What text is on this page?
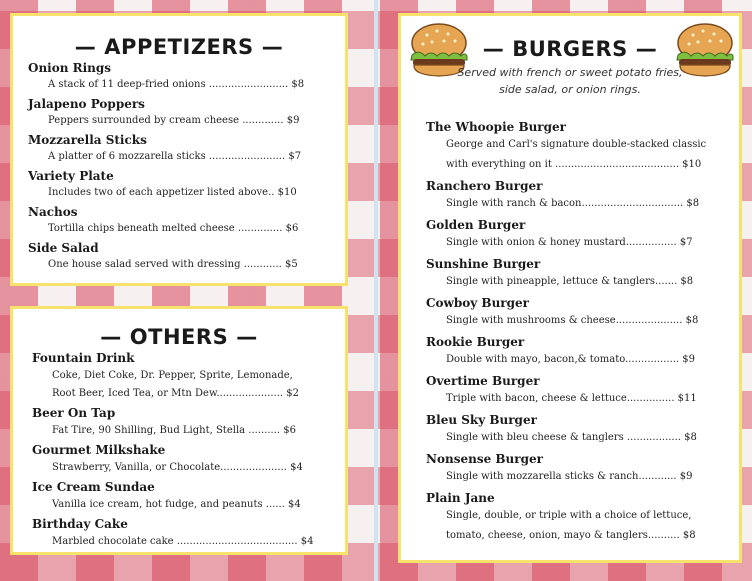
— APPETIZERS —
Onion Rings
A stack of 11 deep-fried onions ......................... $8
Jalapeno Poppers
Peppers surrounded by cream cheese ............. $9
Mozzarella Sticks
A platter of 6 mozzarella sticks ........................ $7
Variety Plate
Includes two of each appetizer listed above.. $10
Nachos
Tortilla chips beneath melted cheese .............. $6
Side Salad
One house salad served with dressing ............ $5
— OTHERS —
Fountain Drink
Coke, Diet Coke, Dr. Pepper, Sprite, Lemonade,
Root Beer, Iced Tea, or Mtn Dew..................... $2
Beer On Tap
Fat Tire, 90 Shilling, Bud Light, Stella .......... $6
Gourmet Milkshake
Strawberry, Vanilla, or Chocolate..................... $4
Ice Cream Sundae
Vanilla ice cream, hot fudge, and peanuts ...... $4
Birthday Cake
Marbled chocolate cake ...................................... $4
— BURGERS —
Served with french or sweet potato fries,
side salad, or onion rings.
The Whoopie Burger
George and Carl's signature double-stacked classic
with everything on it ....................................... $10
Ranchero Burger
Single with ranch & bacon................................ $8
Golden Burger
Single with onion & honey mustard................ $7
Sunshine Burger
Single with pineapple, lettuce & tanglers....... $8
Cowboy Burger
Single with mushrooms & cheese..................... $8
Rookie Burger
Double with mayo, bacon,& tomato................. $9
Overtime Burger
Triple with bacon, cheese & lettuce............... $11
Bleu Sky Burger
Single with bleu cheese & tanglers ................. $8
Nonsense Burger
Single with mozzarella sticks & ranch............ $9
Plain Jane
Single, double, or triple with a choice of lettuce,
tomato, cheese, onion, mayo & tanglers.......... $8
